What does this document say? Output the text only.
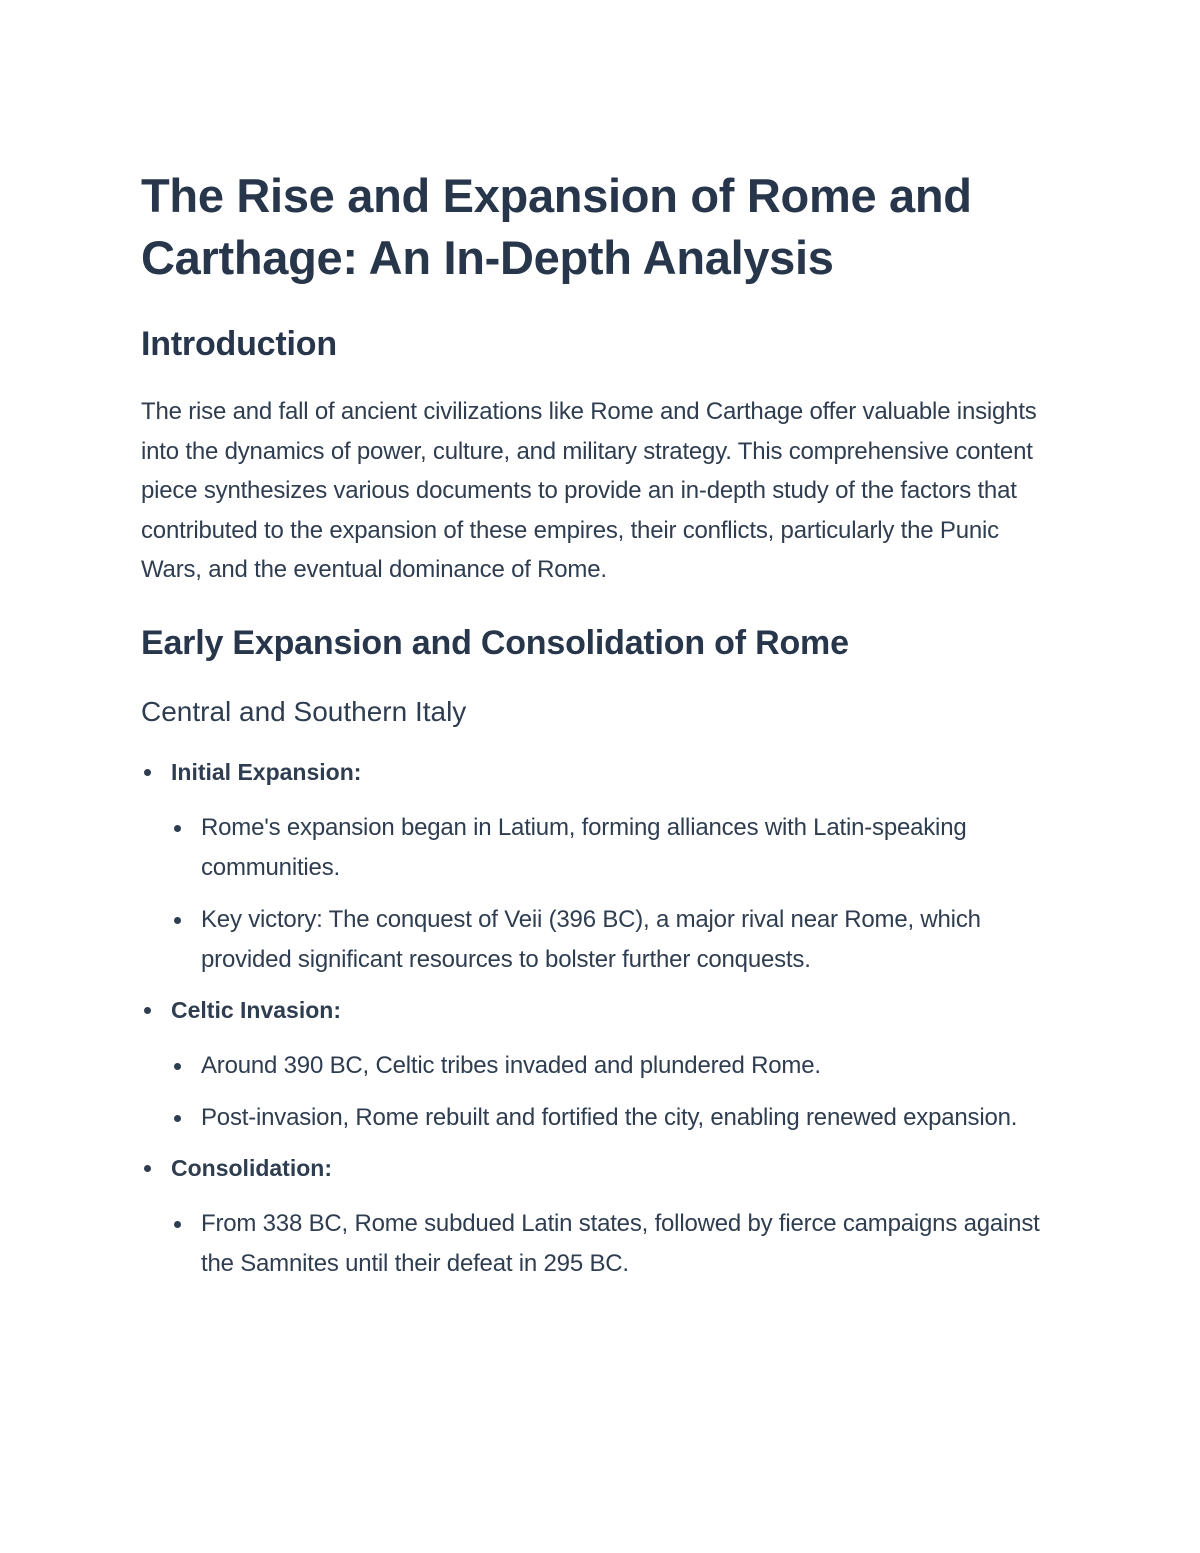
The Rise and Expansion of Rome and Carthage: An In-Depth Analysis
Introduction

The rise and fall of ancient civilizations like Rome and Carthage offer valuable insights into the dynamics of power, culture, and military strategy. This comprehensive content piece synthesizes various documents to provide an in-depth study of the factors that contributed to the expansion of these empires, their conflicts, particularly the Punic Wars, and the eventual dominance of Rome.

Early Expansion and Consolidation of Rome
Central and Southern Italy
Initial Expansion:
Rome's expansion began in Latium, forming alliances with Latin-speaking communities.
Key victory: The conquest of Veii (396 BC), a major rival near Rome, which provided significant resources to bolster further conquests.
Celtic Invasion:
Around 390 BC, Celtic tribes invaded and plundered Rome.
Post-invasion, Rome rebuilt and fortified the city, enabling renewed expansion.
Consolidation:
From 338 BC, Rome subdued Latin states, followed by fierce campaigns against the Samnites until their defeat in 295 BC.
